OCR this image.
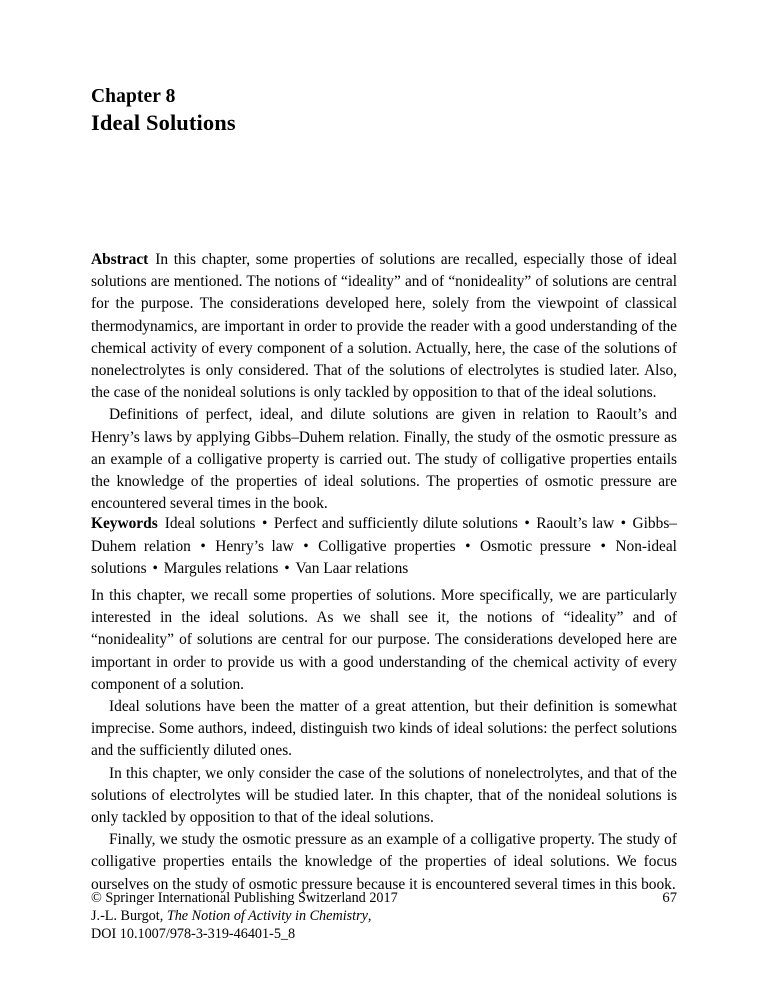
Chapter 8
Ideal Solutions

Abstract In this chapter, some properties of solutions are recalled, especially those of ideal solutions are mentioned. The notions of “ideality” and of “nonideality” of solutions are central for the purpose. The considerations developed here, solely from the viewpoint of classical thermodynamics, are important in order to provide the reader with a good understanding of the chemical activity of every component of a solution. Actually, here, the case of the solutions of nonelectrolytes is only considered. That of the solutions of electrolytes is studied later. Also, the case of the nonideal solutions is only tackled by opposition to that of the ideal solutions.

Definitions of perfect, ideal, and dilute solutions are given in relation to Raoult’s and Henry’s laws by applying Gibbs–Duhem relation. Finally, the study of the osmotic pressure as an example of a colligative property is carried out. The study of colligative properties entails the knowledge of the properties of ideal solutions. The properties of osmotic pressure are encountered several times in the book.

Keywords Ideal solutions • Perfect and sufficiently dilute solutions • Raoult’s law • Gibbs–Duhem relation • Henry’s law • Colligative properties • Osmotic pressure • Non-ideal solutions • Margules relations • Van Laar relations

In this chapter, we recall some properties of solutions. More specifically, we are particularly interested in the ideal solutions. As we shall see it, the notions of “ideality” and of “nonideality” of solutions are central for our purpose. The considerations developed here are important in order to provide us with a good understanding of the chemical activity of every component of a solution.

Ideal solutions have been the matter of a great attention, but their definition is somewhat imprecise. Some authors, indeed, distinguish two kinds of ideal solutions: the perfect solutions and the sufficiently diluted ones.

In this chapter, we only consider the case of the solutions of nonelectrolytes, and that of the solutions of electrolytes will be studied later. In this chapter, that of the nonideal solutions is only tackled by opposition to that of the ideal solutions.

Finally, we study the osmotic pressure as an example of a colligative property. The study of colligative properties entails the knowledge of the properties of ideal solutions. We focus ourselves on the study of osmotic pressure because it is encountered several times in this book.

© Springer International Publishing Switzerland 2017	67
J.-L. Burgot, The Notion of Activity in Chemistry,
DOI 10.1007/978-3-319-46401-5_8
